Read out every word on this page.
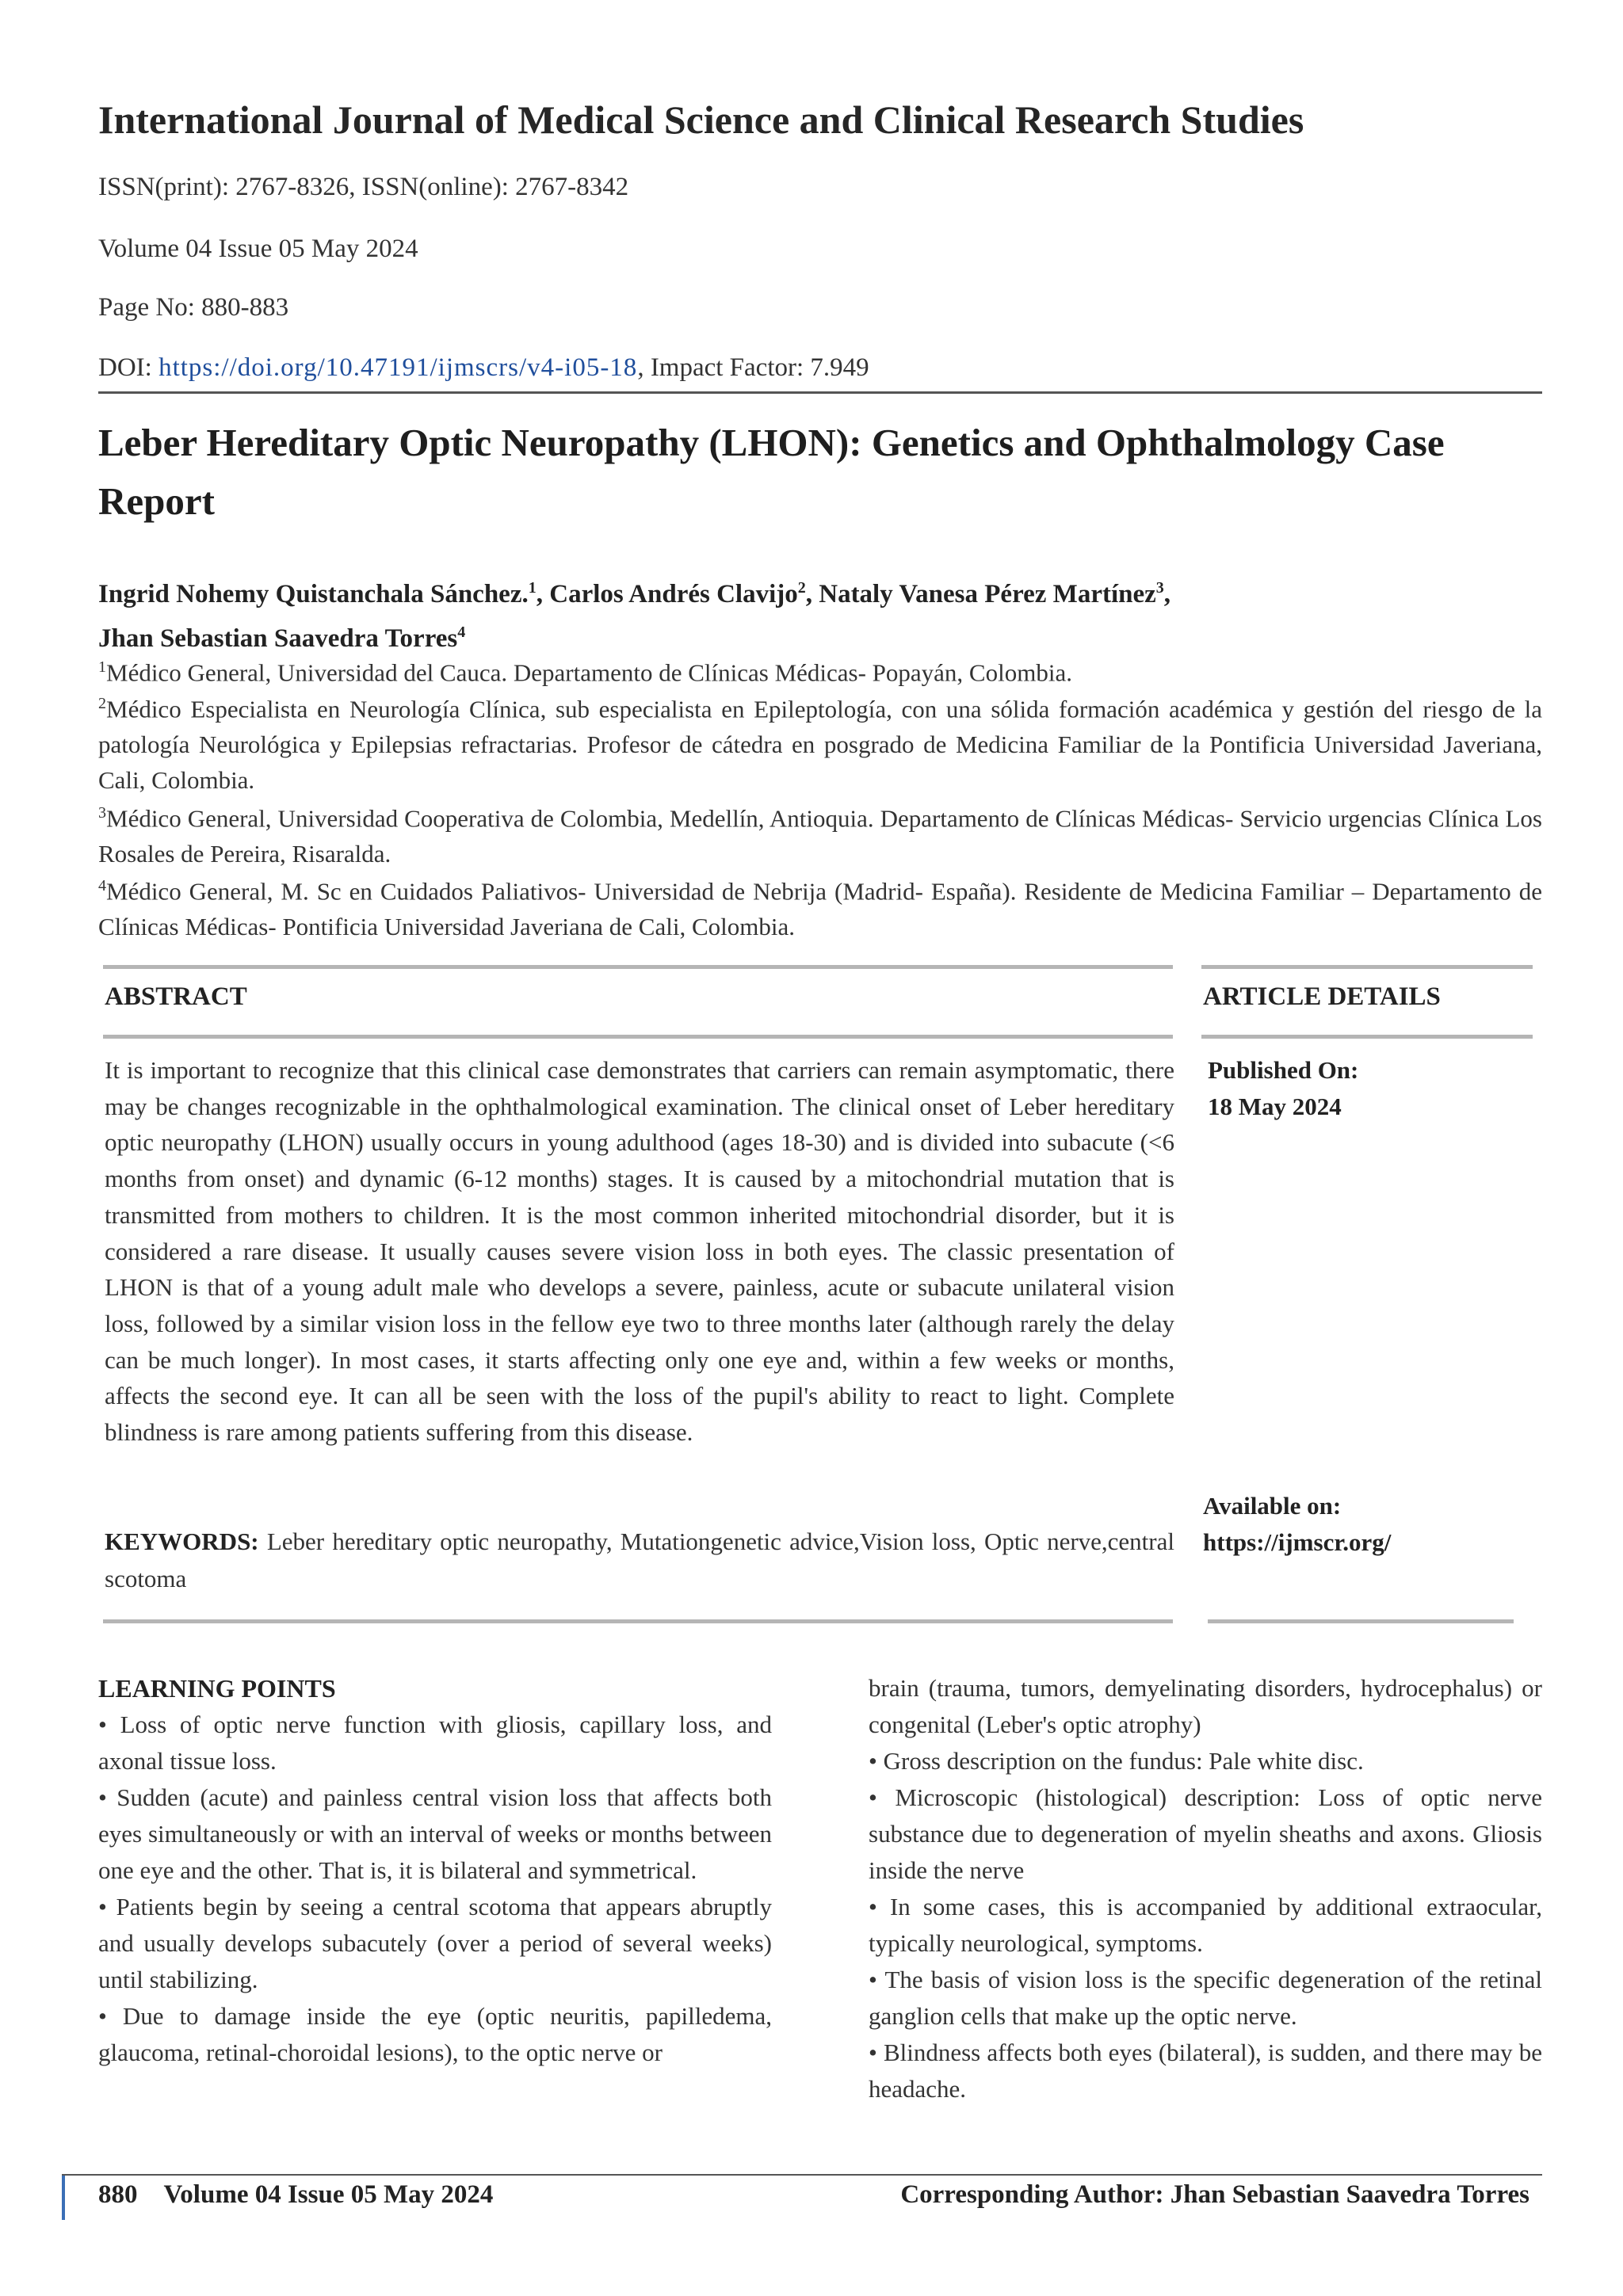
International Journal of Medical Science and Clinical Research Studies
ISSN(print): 2767-8326, ISSN(online): 2767-8342
Volume 04 Issue 05 May 2024
Page No: 880-883
DOI: https://doi.org/10.47191/ijmscrs/v4-i05-18, Impact Factor: 7.949
Leber Hereditary Optic Neuropathy (LHON): Genetics and Ophthalmology Case Report
Ingrid Nohemy Quistanchala Sánchez.$^1$, Carlos Andrés Clavijo$^2$, Nataly Vanesa Pérez Martínez$^3$,
Jhan Sebastian Saavedra Torres$^4$
$^1$Médico General, Universidad del Cauca. Departamento de Clínicas Médicas- Popayán, Colombia.
$^2$Médico Especialista en Neurología Clínica, sub especialista en Epileptología, con una sólida formación académica y gestión del riesgo de la patología Neurológica y Epilepsias refractarias. Profesor de cátedra en posgrado de Medicina Familiar de la Pontificia Universidad Javeriana, Cali, Colombia.
$^3$Médico General, Universidad Cooperativa de Colombia, Medellín, Antioquia. Departamento de Clínicas Médicas- Servicio urgencias Clínica Los Rosales de Pereira, Risaralda.
$^4$Médico General, M. Sc en Cuidados Paliativos- Universidad de Nebrija (Madrid- España). Residente de Medicina Familiar – Departamento de Clínicas Médicas- Pontificia Universidad Javeriana de Cali, Colombia.
ABSTRACT	ARTICLE DETAILS
It is important to recognize that this clinical case demonstrates that carriers can remain asymptomatic, there may be changes recognizable in the ophthalmological examination. The clinical onset of Leber hereditary optic neuropathy (LHON) usually occurs in young adulthood (ages 18-30) and is divided into subacute (<6 months from onset) and dynamic (6-12 months) stages. It is caused by a mitochondrial mutation that is transmitted from mothers to children. It is the most common inherited mitochondrial disorder, but it is considered a rare disease. It usually causes severe vision loss in both eyes. The classic presentation of LHON is that of a young adult male who develops a severe, painless, acute or subacute unilateral vision loss, followed by a similar vision loss in the fellow eye two to three months later (although rarely the delay can be much longer). In most cases, it starts affecting only one eye and, within a few weeks or months, affects the second eye. It can all be seen with the loss of the pupil's ability to react to light. Complete blindness is rare among patients suffering from this disease.
KEYWORDS: Leber hereditary optic neuropathy, Mutationgenetic advice,Vision loss, Optic nerve,central scotoma
Published On:
18 May 2024
Available on:
https://ijmscr.org/

LEARNING POINTS

• Loss of optic nerve function with gliosis, capillary loss, and axonal tissue loss.

• Sudden (acute) and painless central vision loss that affects both eyes simultaneously or with an interval of weeks or months between one eye and the other. That is, it is bilateral and symmetrical.

• Patients begin by seeing a central scotoma that appears abruptly and usually develops subacutely (over a period of several weeks) until stabilizing.

• Due to damage inside the eye (optic neuritis, papilledema, glaucoma, retinal-choroidal lesions), to the optic nerve or

brain (trauma, tumors, demyelinating disorders, hydrocephalus) or congenital (Leber's optic atrophy)

• Gross description on the fundus: Pale white disc.

• Microscopic (histological) description: Loss of optic nerve substance due to degeneration of myelin sheaths and axons. Gliosis inside the nerve

• In some cases, this is accompanied by additional extraocular, typically neurological, symptoms.

• The basis of vision loss is the specific degeneration of the retinal ganglion cells that make up the optic nerve.

• Blindness affects both eyes (bilateral), is sudden, and there may be headache.

880 Volume 04 Issue 05 May 2024	Corresponding Author: Jhan Sebastian Saavedra Torres
